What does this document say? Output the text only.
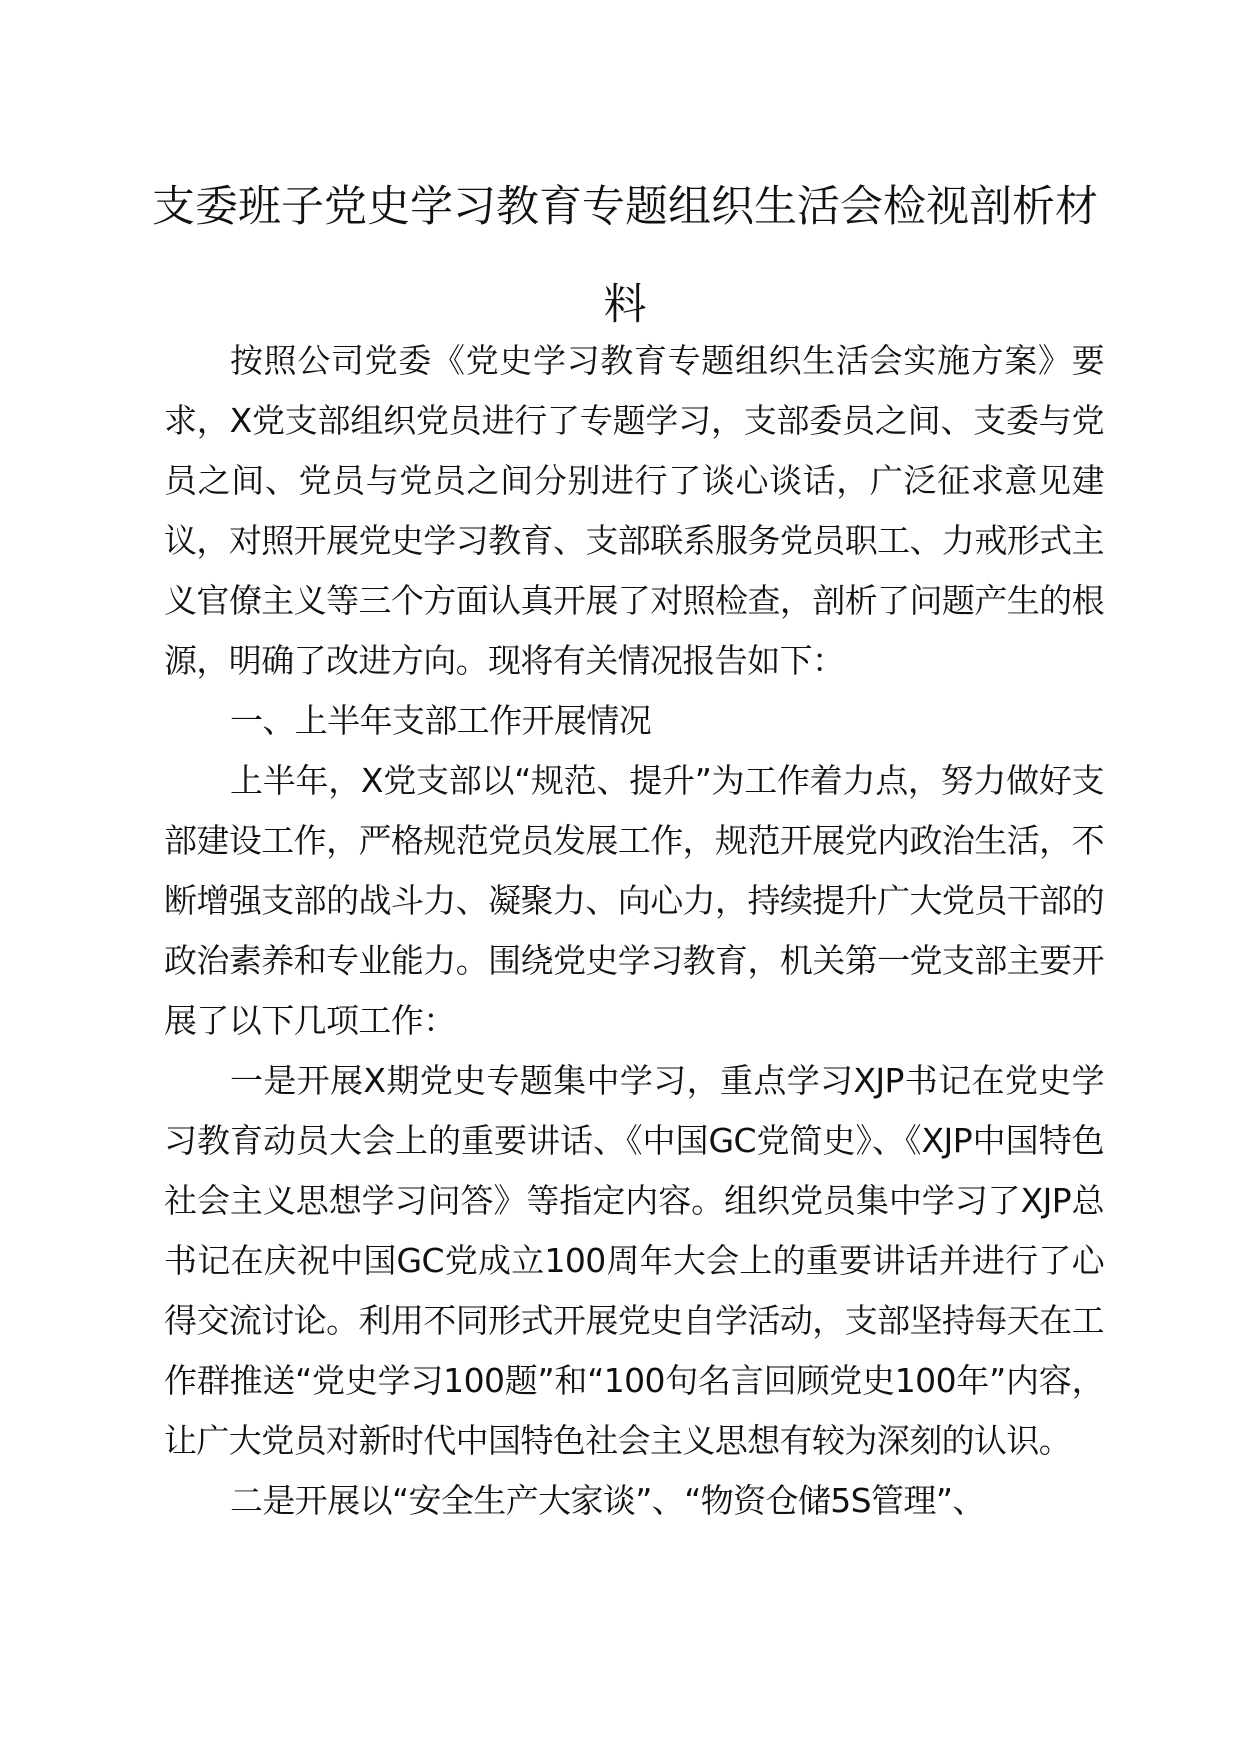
支委班子党史学习教育专题组织生活会检视剖析材料

按照公司党委《党史学习教育专题组织生活会实施方案》要求，X党支部组织党员进行了专题学习，支部委员之间、支委与党员之间、党员与党员之间分别进行了谈心谈话，广泛征求意见建议，对照开展党史学习教育、支部联系服务党员职工、力戒形式主义官僚主义等三个方面认真开展了对照检查，剖析了问题产生的根源，明确了改进方向。现将有关情况报告如下：

一、上半年支部工作开展情况

上半年，X党支部以“规范、提升”为工作着力点，努力做好支部建设工作，严格规范党员发展工作，规范开展党内政治生活，不断增强支部的战斗力、凝聚力、向心力，持续提升广大党员干部的政治素养和专业能力。围绕党史学习教育，机关第一党支部主要开展了以下几项工作：

一是开展X期党史专题集中学习，重点学习XJP书记在党史学习教育动员大会上的重要讲话、《中国GC党简史》、《XJP中国特色社会主义思想学习问答》等指定内容。组织党员集中学习了XJP总书记在庆祝中国GC党成立100周年大会上的重要讲话并进行了心得交流讨论。利用不同形式开展党史自学活动，支部坚持每天在工作群推送“党史学习100题”和“100句名言回顾党史100年”内容，让广大党员对新时代中国特色社会主义思想有较为深刻的认识。

二是开展以“安全生产大家谈”、“物资仓储5S管理”、
